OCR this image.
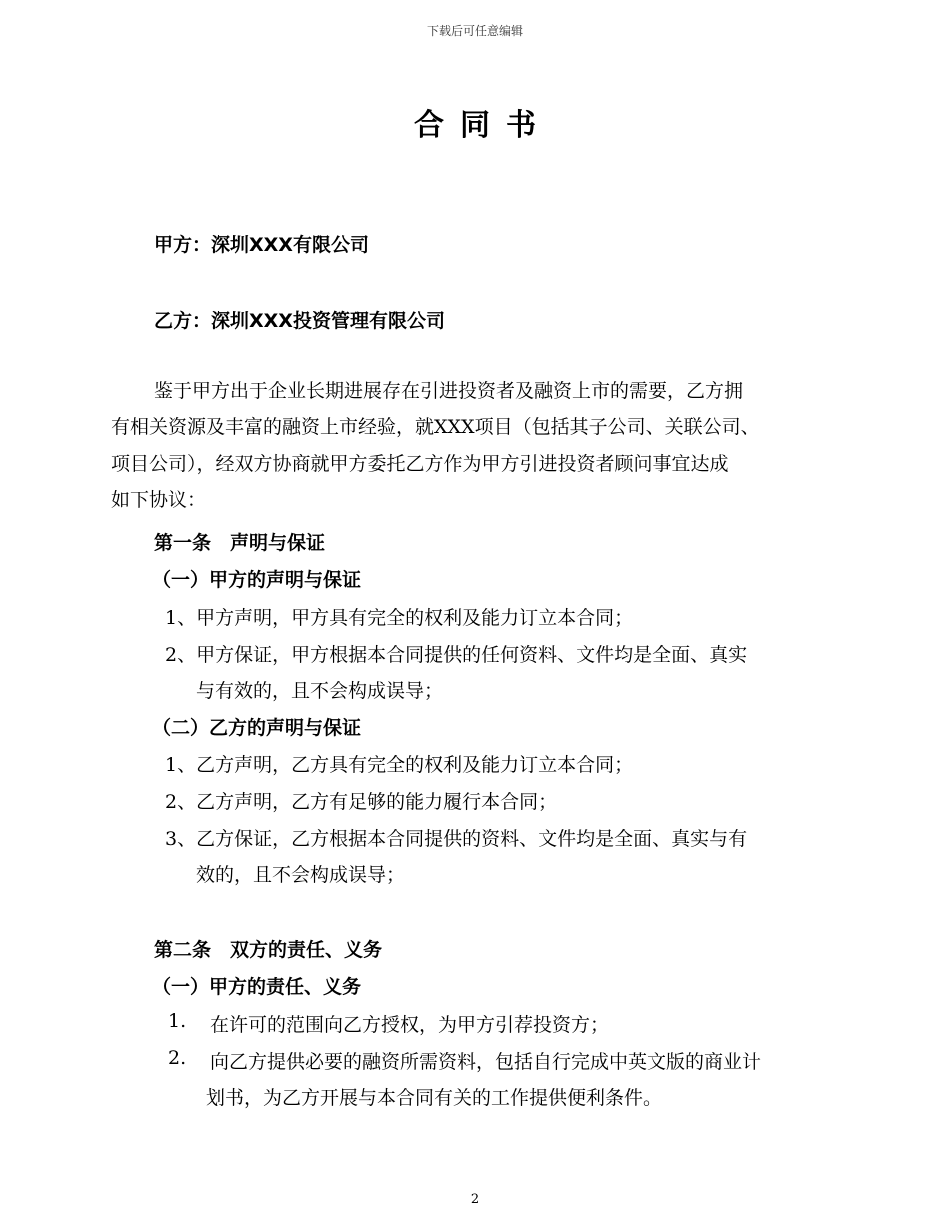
下载后可任意编辑
合同书
甲方：深圳XXX有限公司
乙方：深圳XXX投资管理有限公司
鉴于甲方出于企业长期进展存在引进投资者及融资上市的需要，乙方拥
有相关资源及丰富的融资上市经验，就XXX项目（包括其子公司、关联公司、
项目公司），经双方协商就甲方委托乙方作为甲方引进投资者顾问事宜达成
如下协议：
第一条　声明与保证
（一）甲方的声明与保证
1、甲方声明，甲方具有完全的权利及能力订立本合同；
2、甲方保证，甲方根据本合同提供的任何资料、文件均是全面、真实
与有效的，且不会构成误导；
（二）乙方的声明与保证
1、乙方声明，乙方具有完全的权利及能力订立本合同；
2、乙方声明，乙方有足够的能力履行本合同；
3、乙方保证，乙方根据本合同提供的资料、文件均是全面、真实与有
效的，且不会构成误导；
第二条　双方的责任、义务
（一）甲方的责任、义务
1. 在许可的范围向乙方授权，为甲方引荐投资方；
2. 向乙方提供必要的融资所需资料，包括自行完成中英文版的商业计
划书，为乙方开展与本合同有关的工作提供便利条件。
2
